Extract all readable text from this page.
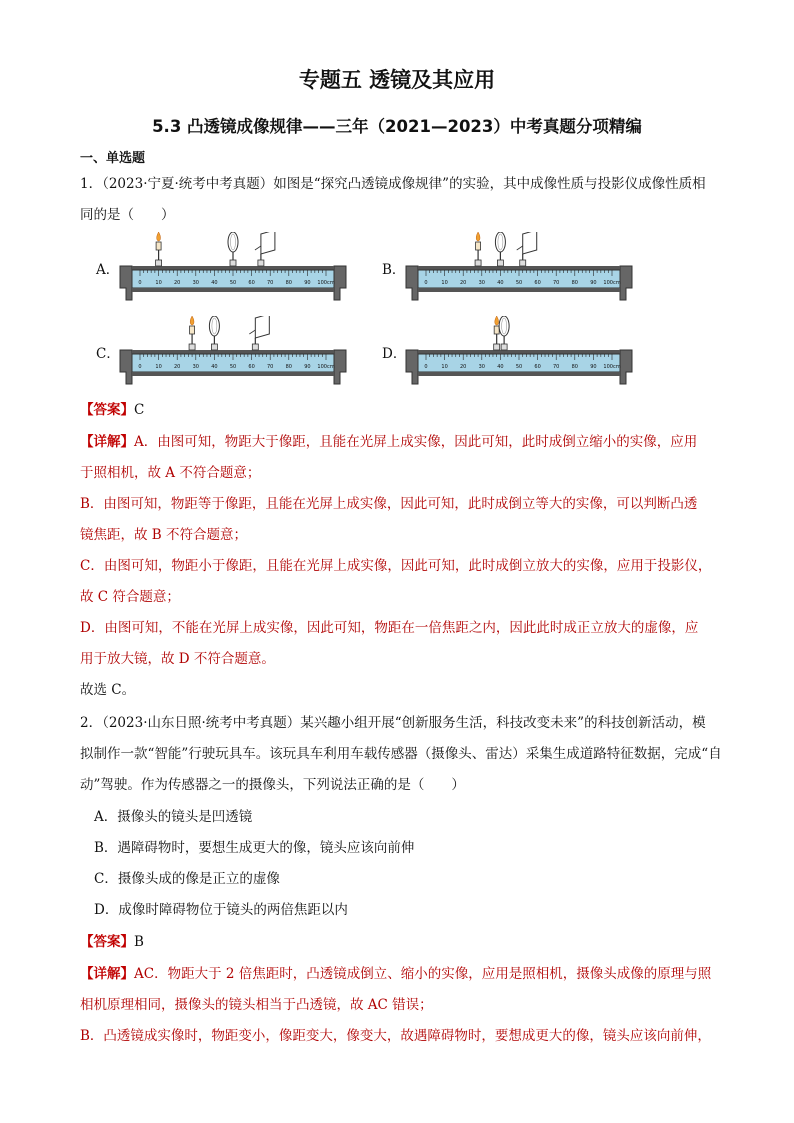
专题五 透镜及其应用
5.3 凸透镜成像规律——三年（2021—2023）中考真题分项精编
一、单选题
1．（2023·宁夏·统考中考真题）如图是“探究凸透镜成像规律”的实验，其中成像性质与投影仪成像性质相
同的是（　　）
A．	B．
C．	D．
0	10 20 30 40 50 60 70 80 90 100cm	0	10 20 30 40 50 60 70 80 90 100cm
0	10 20 30 40 50 60 70 80 90 100cm	0	10 20 30 40 50 60 70 80 90 100cm
【答案】C
【详解】A．由图可知，物距大于像距，且能在光屏上成实像，因此可知，此时成倒立缩小的实像，应用
于照相机，故 A 不符合题意；
B．由图可知，物距等于像距，且能在光屏上成实像，因此可知，此时成倒立等大的实像，可以判断凸透
镜焦距，故 B 不符合题意；
C．由图可知，物距小于像距，且能在光屏上成实像，因此可知，此时成倒立放大的实像，应用于投影仪，
故 C 符合题意；
D．由图可知，不能在光屏上成实像，因此可知，物距在一倍焦距之内，因此此时成正立放大的虚像，应
用于放大镜，故 D 不符合题意。
故选 C。
2．（2023·山东日照·统考中考真题）某兴趣小组开展“创新服务生活，科技改变未来”的科技创新活动，模
拟制作一款“智能”行驶玩具车。该玩具车利用车载传感器（摄像头、雷达）采集生成道路特征数据，完成“自
动”驾驶。作为传感器之一的摄像头，下列说法正确的是（　　）
A．摄像头的镜头是凹透镜
B．遇障碍物时，要想生成更大的像，镜头应该向前伸
C．摄像头成的像是正立的虚像
D．成像时障碍物位于镜头的两倍焦距以内
【答案】B
【详解】AC．物距大于 2 倍焦距时，凸透镜成倒立、缩小的实像，应用是照相机，摄像头成像的原理与照
相机原理相同，摄像头的镜头相当于凸透镜，故 AC 错误；
B．凸透镜成实像时，物距变小，像距变大，像变大，故遇障碍物时，要想成更大的像，镜头应该向前伸，
